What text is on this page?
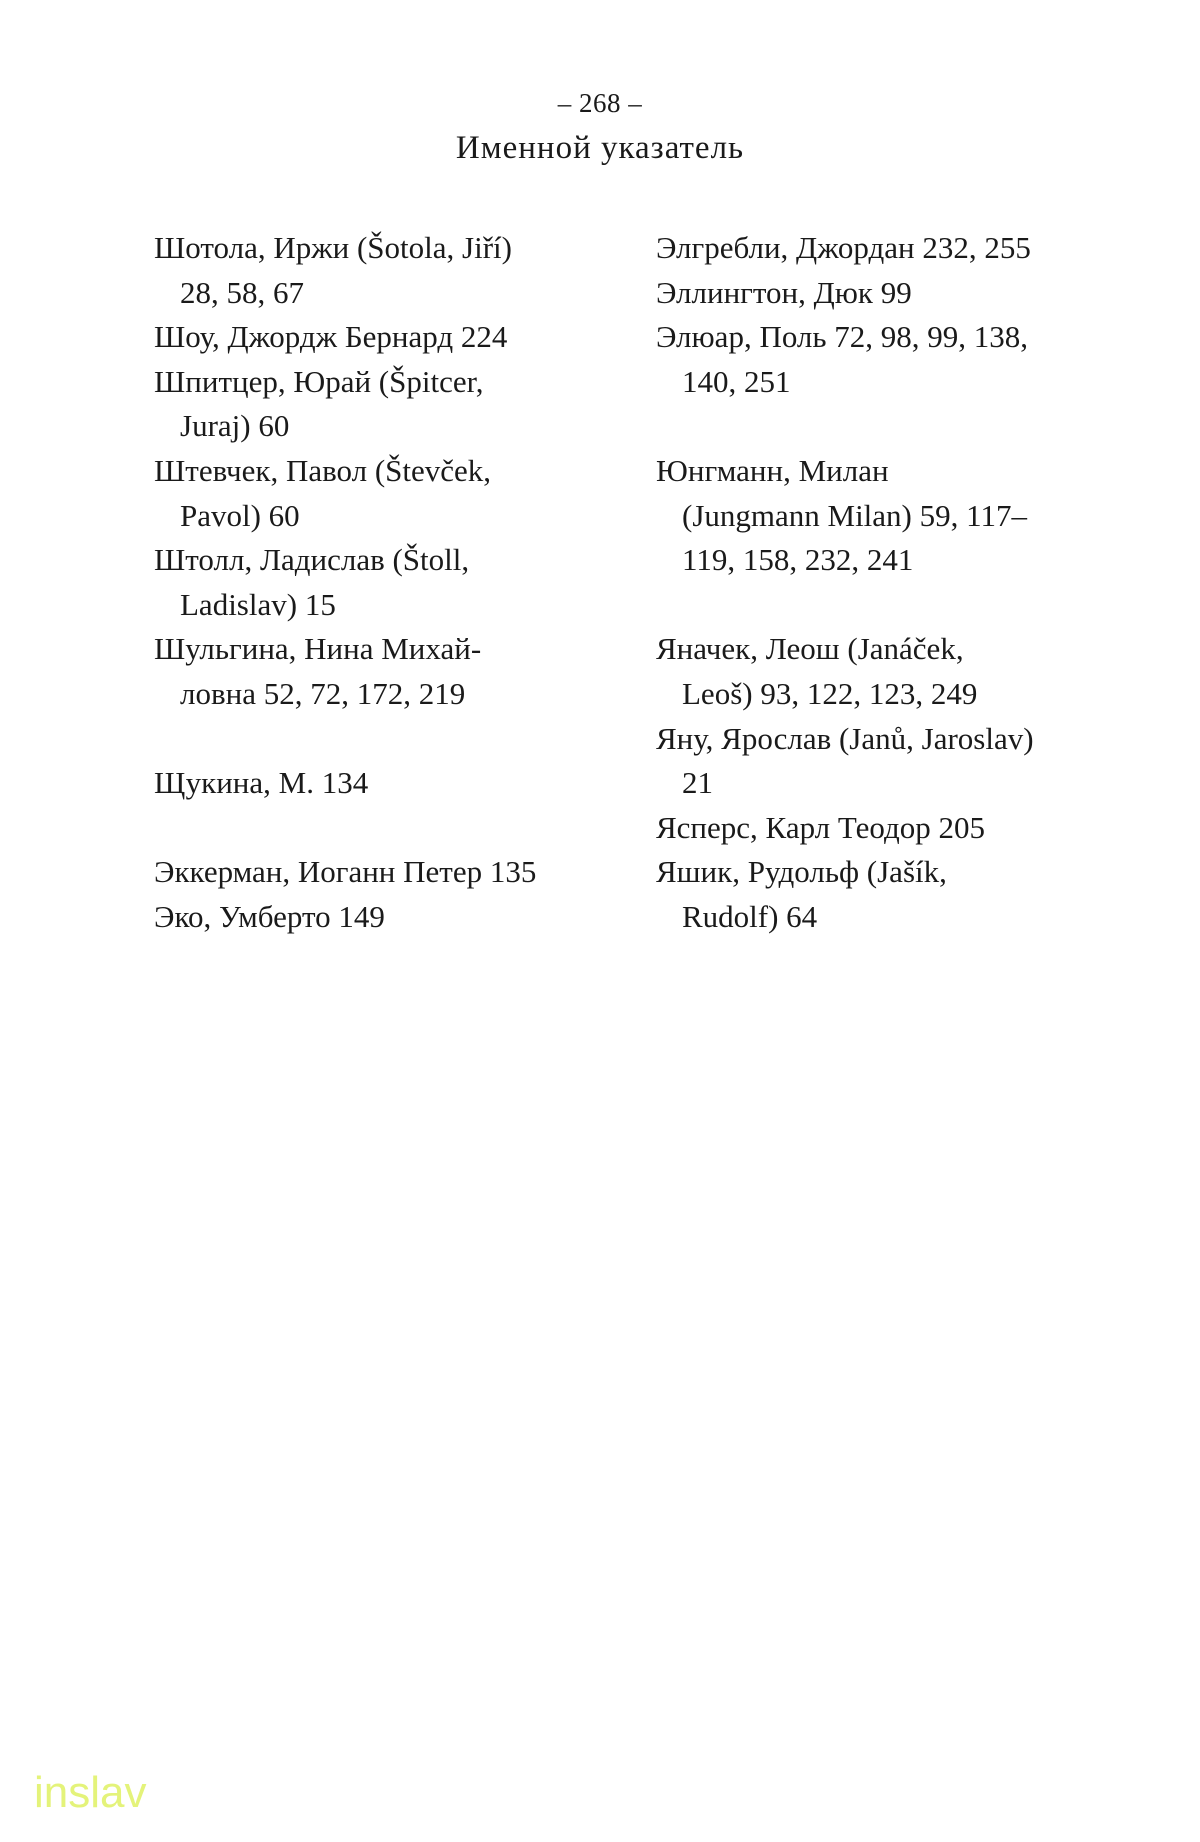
– 268 –
Именной указатель
Шотола, Иржи (Šotola, Jiří)
28, 58, 67
Шоу, Джордж Бернард 224
Шпитцер, Юрай (Špitcer,
Juraj) 60
Штевчек, Павол (Števček,
Pavol) 60
Штолл, Ладислав (Štoll,
Ladislav) 15
Шульгина, Нина Михай-
ловна 52, 72, 172, 219
Щукина, М. 134
Эккерман, Иоганн Петер 135
Эко, Умберто 149
Элгребли, Джордан 232, 255
Эллингтон, Дюк 99
Элюар, Поль 72, 98, 99, 138,
140, 251
Юнгманн, Милан
(Jungmann Milan) 59, 117–
119, 158, 232, 241
Яначек, Леош (Janáček,
Leoš) 93, 122, 123, 249
Яну, Ярослав (Janů, Jaroslav)
21
Ясперс, Карл Теодор 205
Яшик, Рудольф (Jašík,
Rudolf) 64
inslav
